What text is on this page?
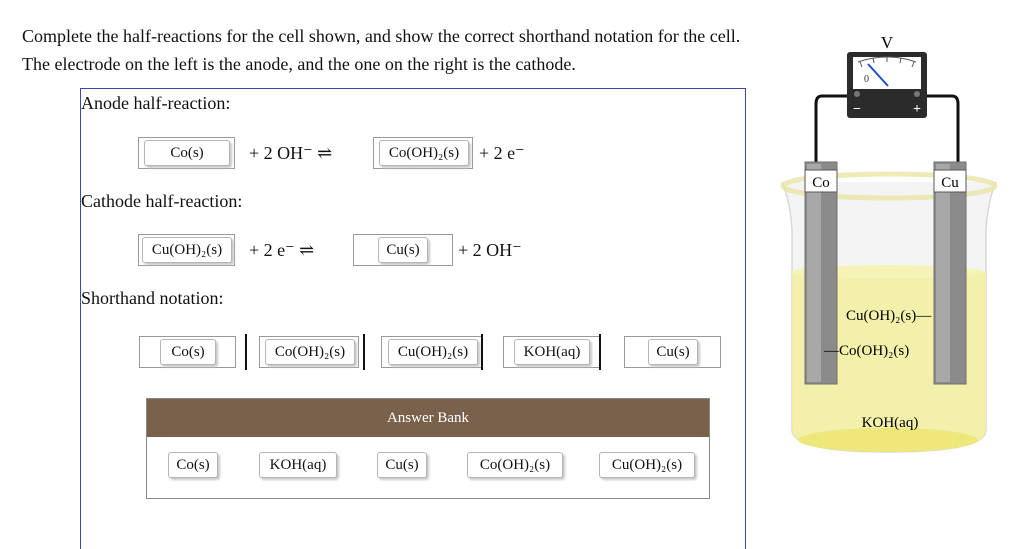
Complete the half-reactions for the cell shown, and show the correct shorthand notation for the cell. The electrode on the left is the anode, and the one on the right is the cathode.

Anode half-reaction:
Co(s)	+ 2 OH⁻ ⇌	Co(OH)₂(s)	+ 2 e⁻
Cathode half-reaction:
Cu(OH)₂(s)	+ 2 e⁻ ⇌	Cu(s)	+ 2 OH⁻
Shorthand notation:
Co(s)	Co(OH)₂(s)	Cu(OH)₂(s)	KOH(aq)	Cu(s)
Answer Bank
Co(s)	KOH(aq)	Cu(s)	Co(OH)₂(s)	Cu(OH)₂(s)
V
0
−	+
Co	Cu
Cu(OH)₂(s)—
—Co(OH)₂(s)
KOH(aq)
